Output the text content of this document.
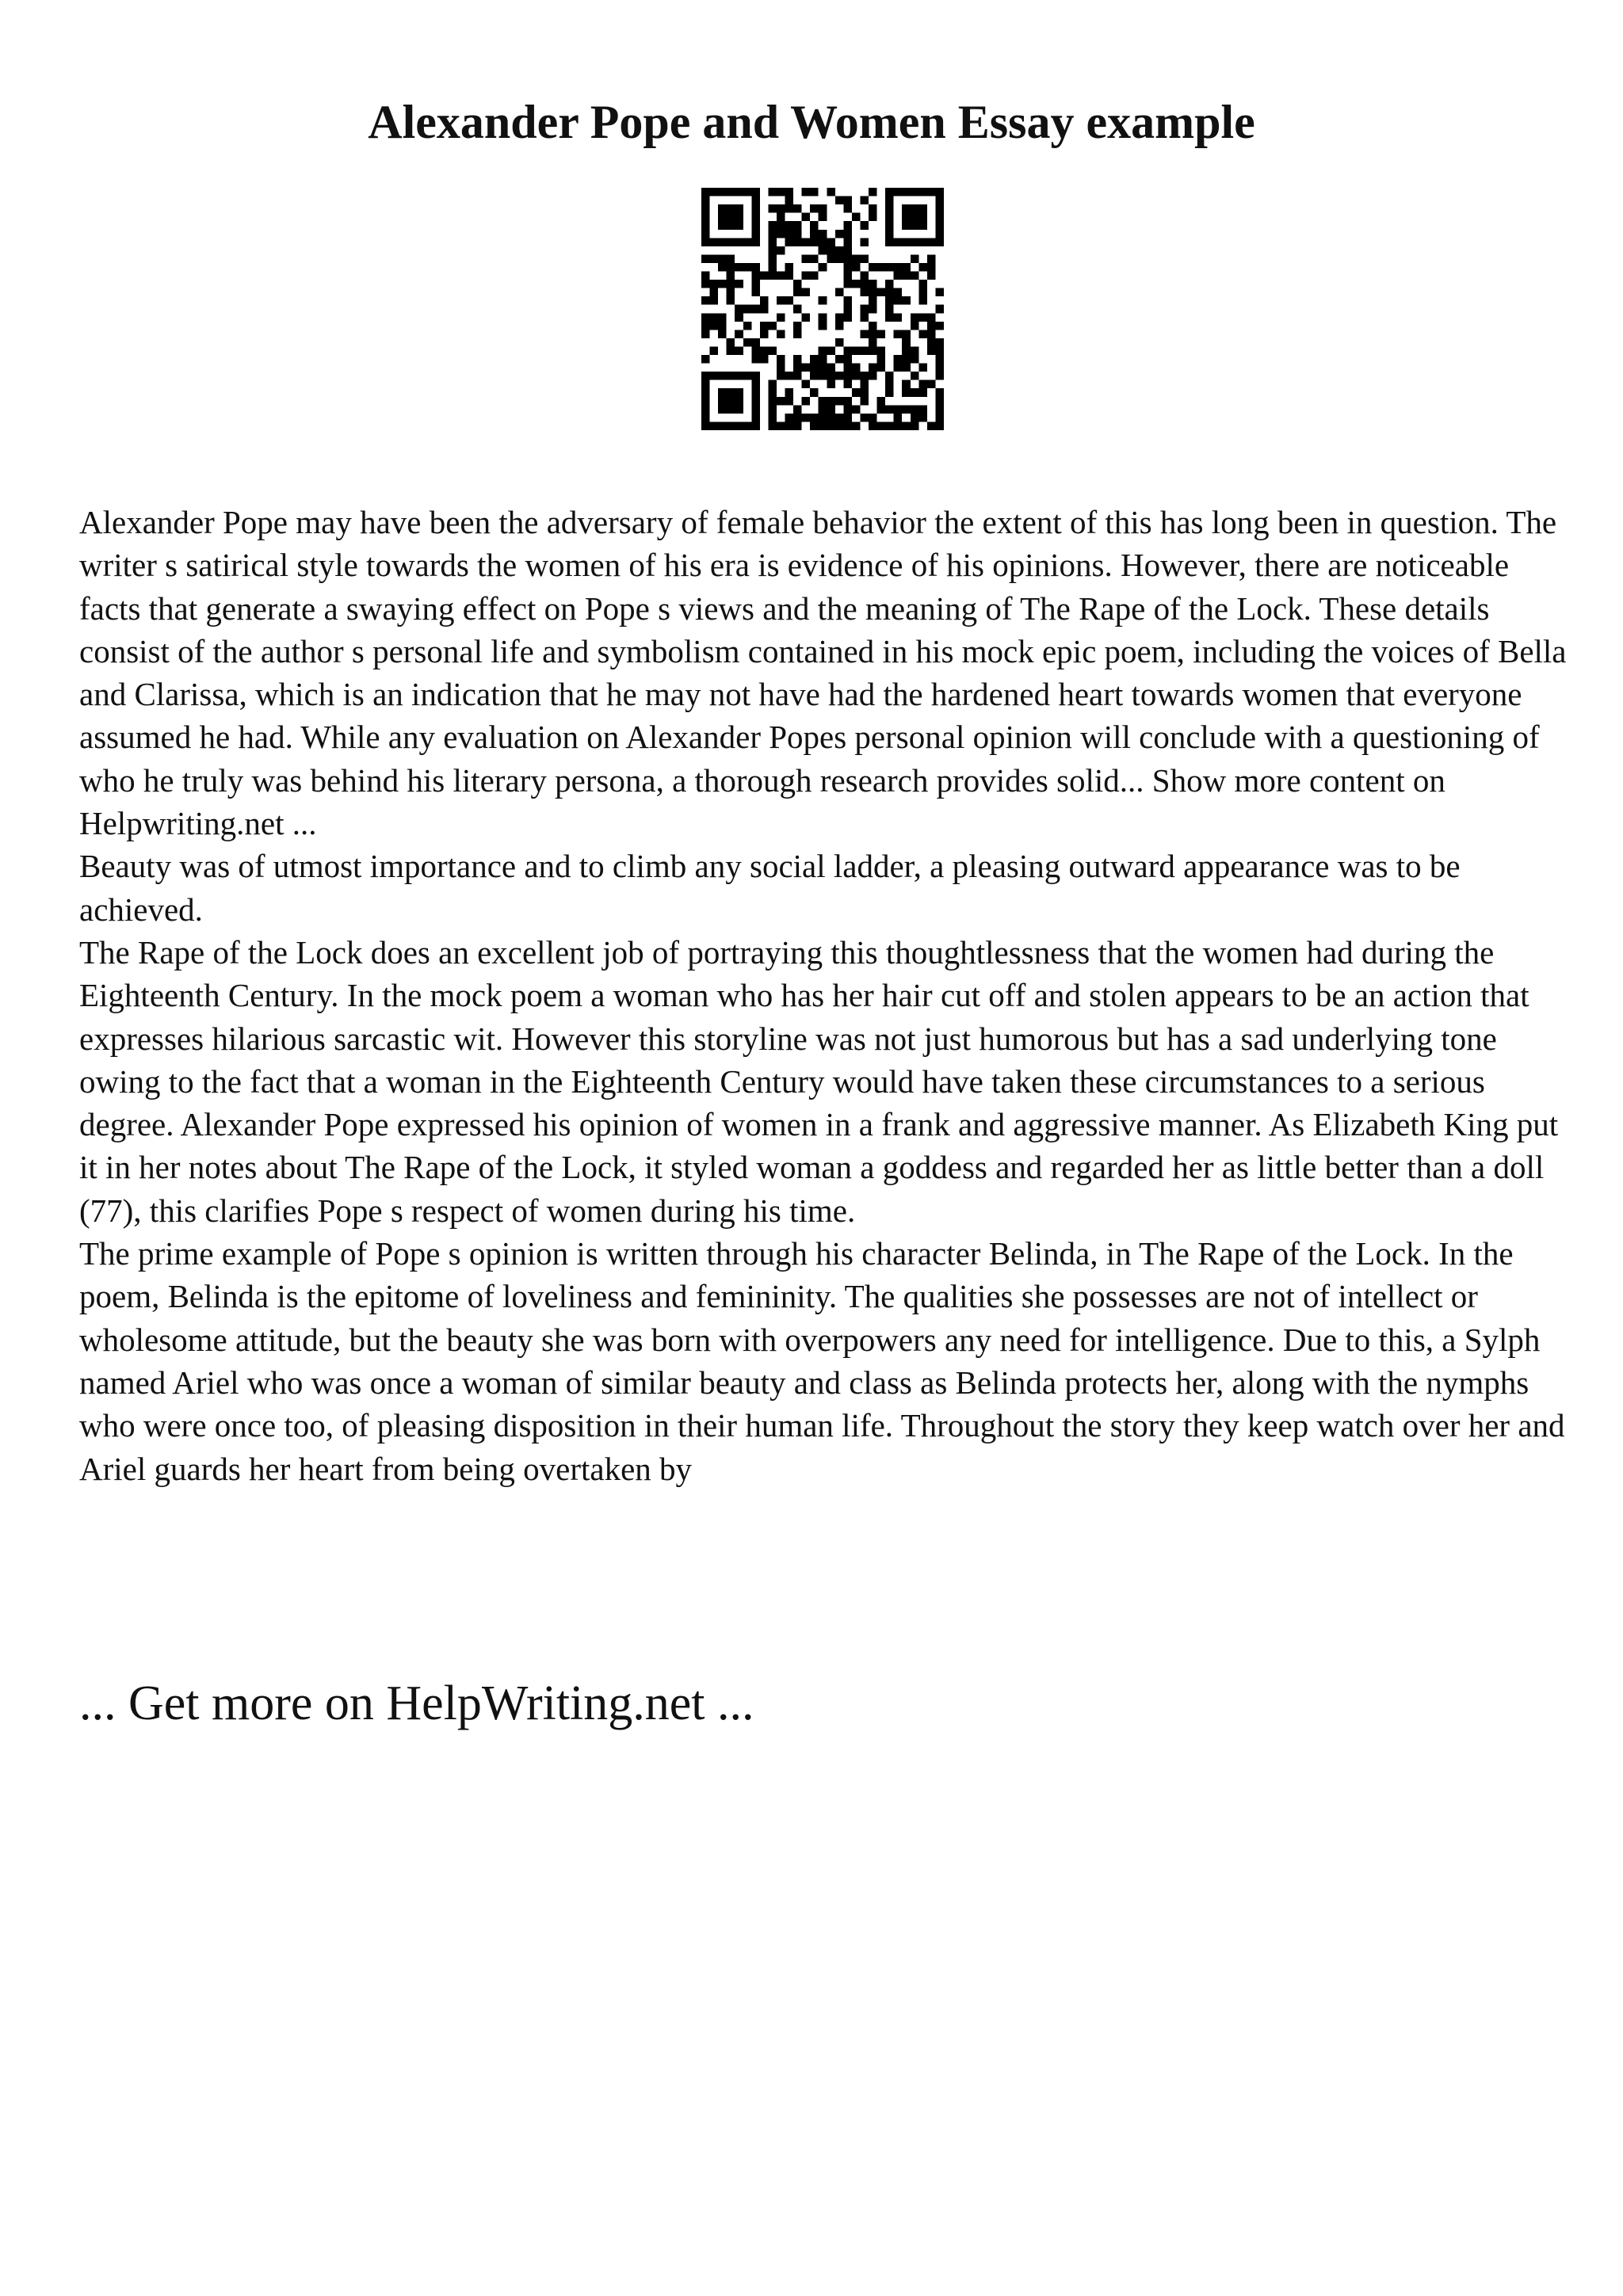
Alexander Pope and Women Essay example

Alexander Pope may have been the adversary of female behavior the extent of this has long been in question. The writer s satirical style towards the women of his era is evidence of his opinions. However, there are noticeable facts that generate a swaying effect on Pope s views and the meaning of The Rape of the Lock. These details consist of the author s personal life and symbolism contained in his mock epic poem, including the voices of Bella and Clarissa, which is an indication that he may not have had the hardened heart towards women that everyone assumed he had. While any evaluation on Alexander Popes personal opinion will conclude with a questioning of who he truly was behind his literary persona, a thorough research provides solid... Show more content on Helpwriting.net ...

Beauty was of utmost importance and to climb any social ladder, a pleasing outward appearance was to be achieved.

The Rape of the Lock does an excellent job of portraying this thoughtlessness that the women had during the Eighteenth Century. In the mock poem a woman who has her hair cut off and stolen appears to be an action that expresses hilarious sarcastic wit. However this storyline was not just humorous but has a sad underlying tone owing to the fact that a woman in the Eighteenth Century would have taken these circumstances to a serious degree. Alexander Pope expressed his opinion of women in a frank and aggressive manner. As Elizabeth King put it in her notes about The Rape of the Lock, it styled woman a goddess and regarded her as little better than a doll (77), this clarifies Pope s respect of women during his time.

The prime example of Pope s opinion is written through his character Belinda, in The Rape of the Lock. In the poem, Belinda is the epitome of loveliness and femininity. The qualities she possesses are not of intellect or wholesome attitude, but the beauty she was born with overpowers any need for intelligence. Due to this, a Sylph named Ariel who was once a woman of similar beauty and class as Belinda protects her, along with the nymphs who were once too, of pleasing disposition in their human life. Throughout the story they keep watch over her and Ariel guards her heart from being overtaken by

... Get more on HelpWriting.net ...
